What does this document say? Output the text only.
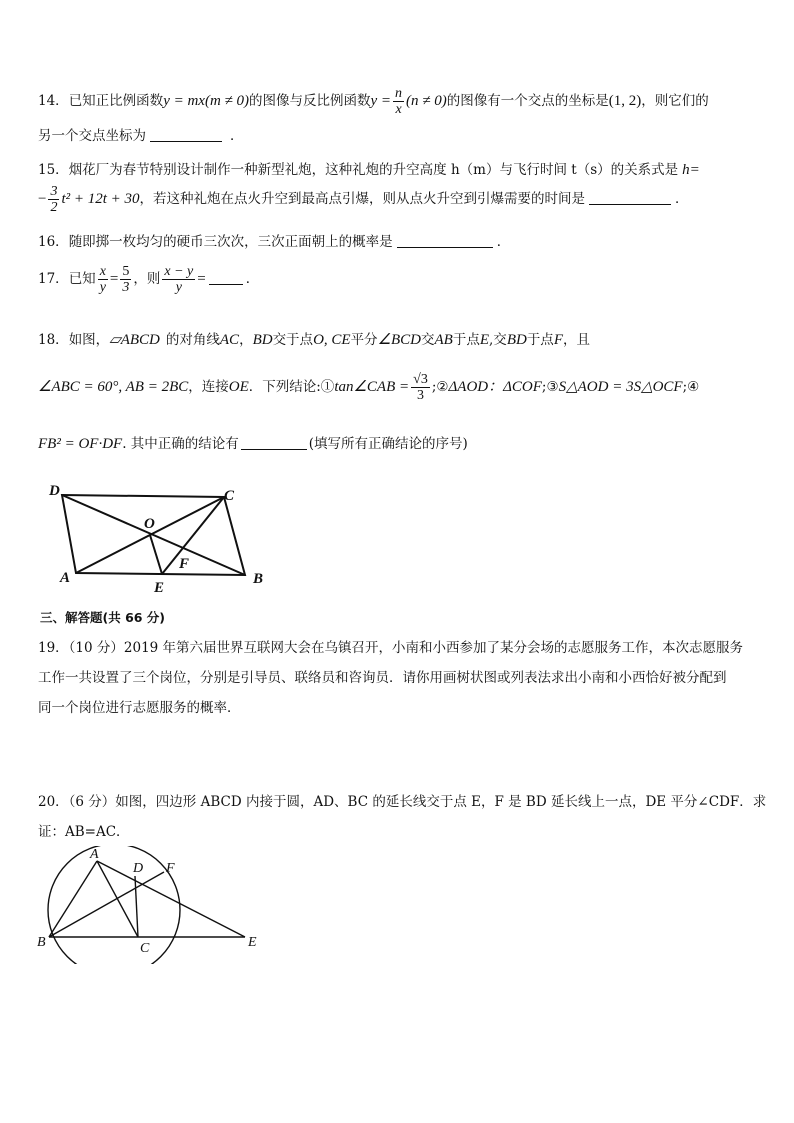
14．已知正比例函数y = mx(m ≠ 0)的图像与反比例函数$y = \frac{n}{x} (n \ne 0)$的图像有一个交点的坐标是(1, 2)，则它们的
另一个交点坐标为	．
15．烟花厂为春节特别设计制作一种新型礼炮，这种礼炮的升空高度 h（m）与飞行时间 t（s）的关系式是 h=
− $\frac{3}{2} t^2 + 12t + 30$，若这种礼炮在点火升空到最高点引爆，则从点火升空到引爆需要的时间是	．
16．随即掷一枚均匀的硬币三次次，三次正面朝上的概率是	．
17．已知 $\frac{x}{y} = \frac{5}{3}$ ，则 $\frac{x - y}{y}$ =	．
18．如图，▱ABCD 的对角线AC，BD交于点O, CE平分∠BCD交AB于点E,交BD于点F，且
∠ABC = 60°, AB = 2BC，连接OE．下列结论:①tan∠CAB = $\frac{√3}{3}$ ;②ΔAOD：ΔCOF;③S△AOD = 3S△OCF;④
FB² = OF·DF. 其中正确的结论有	(填写所有正确结论的序号)
D	C
O
F
A
E
B
三、解答题(共 66 分)
19．（10 分）2019 年第六届世界互联网大会在乌镇召开，小南和小西参加了某分会场的志愿服务工作，本次志愿服务
工作一共设置了三个岗位，分别是引导员、联络员和咨询员．请你用画树状图或列表法求出小南和小西恰好被分配到
同一个岗位进行志愿服务的概率．
20．（6 分）如图，四边形 ABCD 内接于圆，AD、BC 的延长线交于点 E，F 是 BD 延长线上一点，DE 平分∠CDF．求
证：AB=AC．
A
D F
B	C	E
